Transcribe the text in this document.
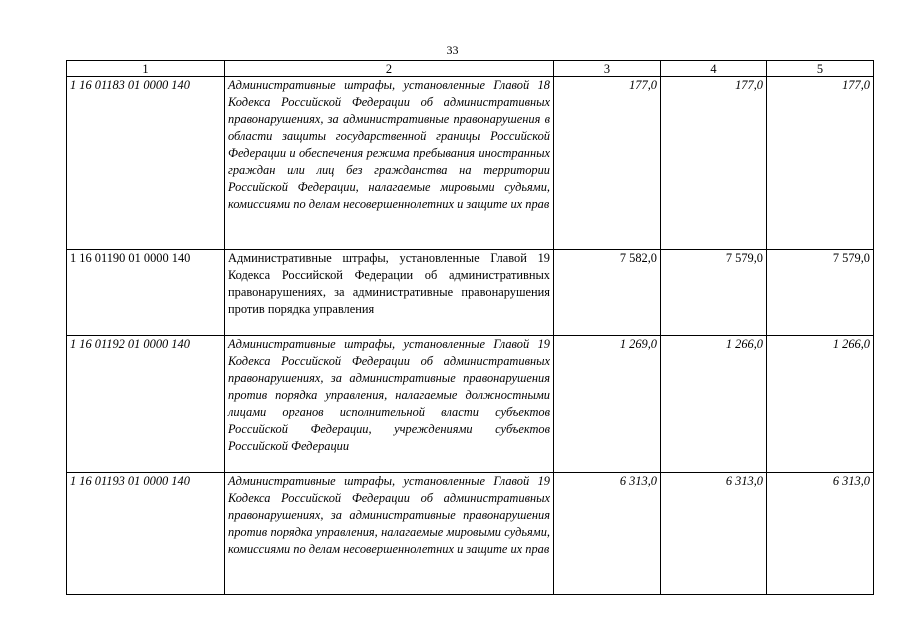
33
1	2	3	4	5
1 16 01183 01 0000 140	Административные штрафы, установленные Главой 18 Кодекса Российской Федерации об административных правонарушениях, за административные правонарушения в области защиты государственной границы Российской Федерации и обеспечения режима пребывания иностранных граждан или лиц без гражданства на территории Российской Федерации, налагаемые мировыми судьями, комиссиями по делам несовершеннолетних и защите их прав	177,0	177,0	177,0
1 16 01190 01 0000 140	Административные штрафы, установленные Главой 19 Кодекса Российской Федерации об административных правонарушениях, за административные правонарушения против порядка управления	7 582,0	7 579,0	7 579,0
1 16 01192 01 0000 140	Административные штрафы, установленные Главой 19 Кодекса Российской Федерации об административных правонарушениях, за административные правонарушения против порядка управления, налагаемые должностными лицами органов исполнительной власти субъектов Российской Федерации, учреждениями субъектов Российской Федерации	1 269,0	1 266,0	1 266,0
1 16 01193 01 0000 140	Административные штрафы, установленные Главой 19 Кодекса Российской Федерации об административных правонарушениях, за административные правонарушения против порядка управления, налагаемые мировыми судьями, комиссиями по делам несовершеннолетних и защите их прав	6 313,0	6 313,0	6 313,0
